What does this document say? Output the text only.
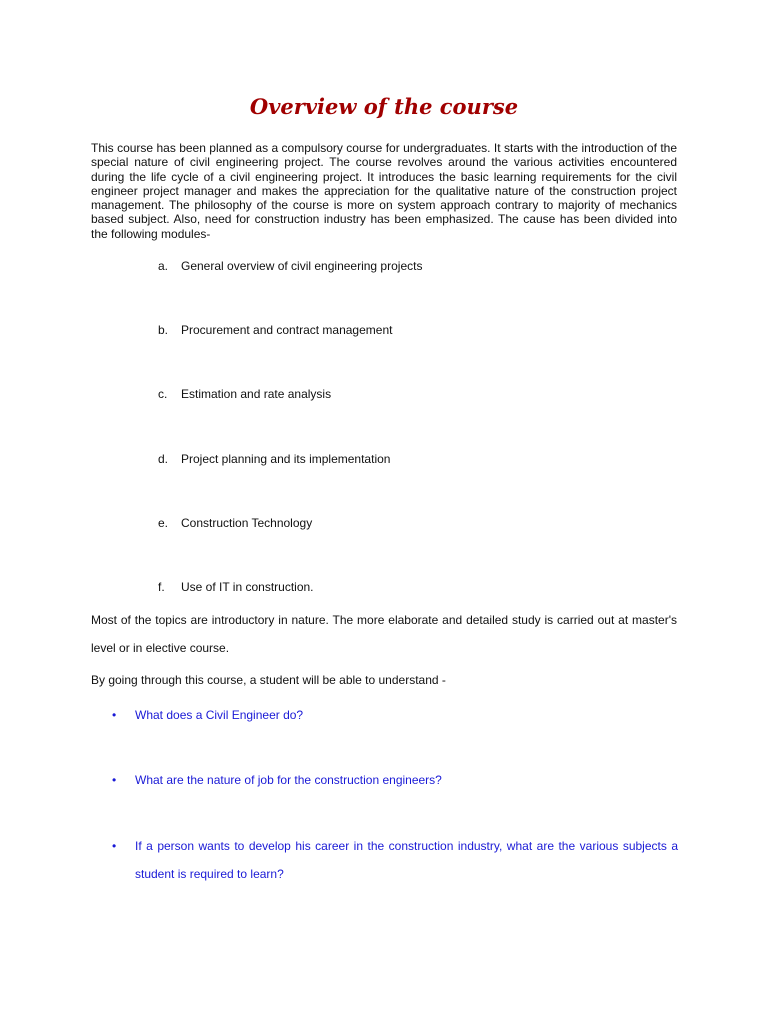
Overview of the course

This course has been planned as a compulsory course for undergraduates. It starts with the introduction of the special nature of civil engineering project. The course revolves around the various activities encountered during the life cycle of a civil engineering project. It introduces the basic learning requirements for the civil engineer project manager and makes the appreciation for the qualitative nature of the construction project management. The philosophy of the course is more on system approach contrary to majority of mechanics based subject. Also, need for construction industry has been emphasized. The cause has been divided into the following modules-

a. General overview of civil engineering projects
b. Procurement and contract management
c. Estimation and rate analysis
d. Project planning and its implementation
e. Construction Technology
f. Use of IT in construction.

Most of the topics are introductory in nature. The more elaborate and detailed study is carried out at master's level or in elective course.

By going through this course, a student will be able to understand -

•	What does a Civil Engineer do?
•	What are the nature of job for the construction engineers?
•	If a person wants to develop his career in the construction industry, what are the various subjects a student is required to learn?
